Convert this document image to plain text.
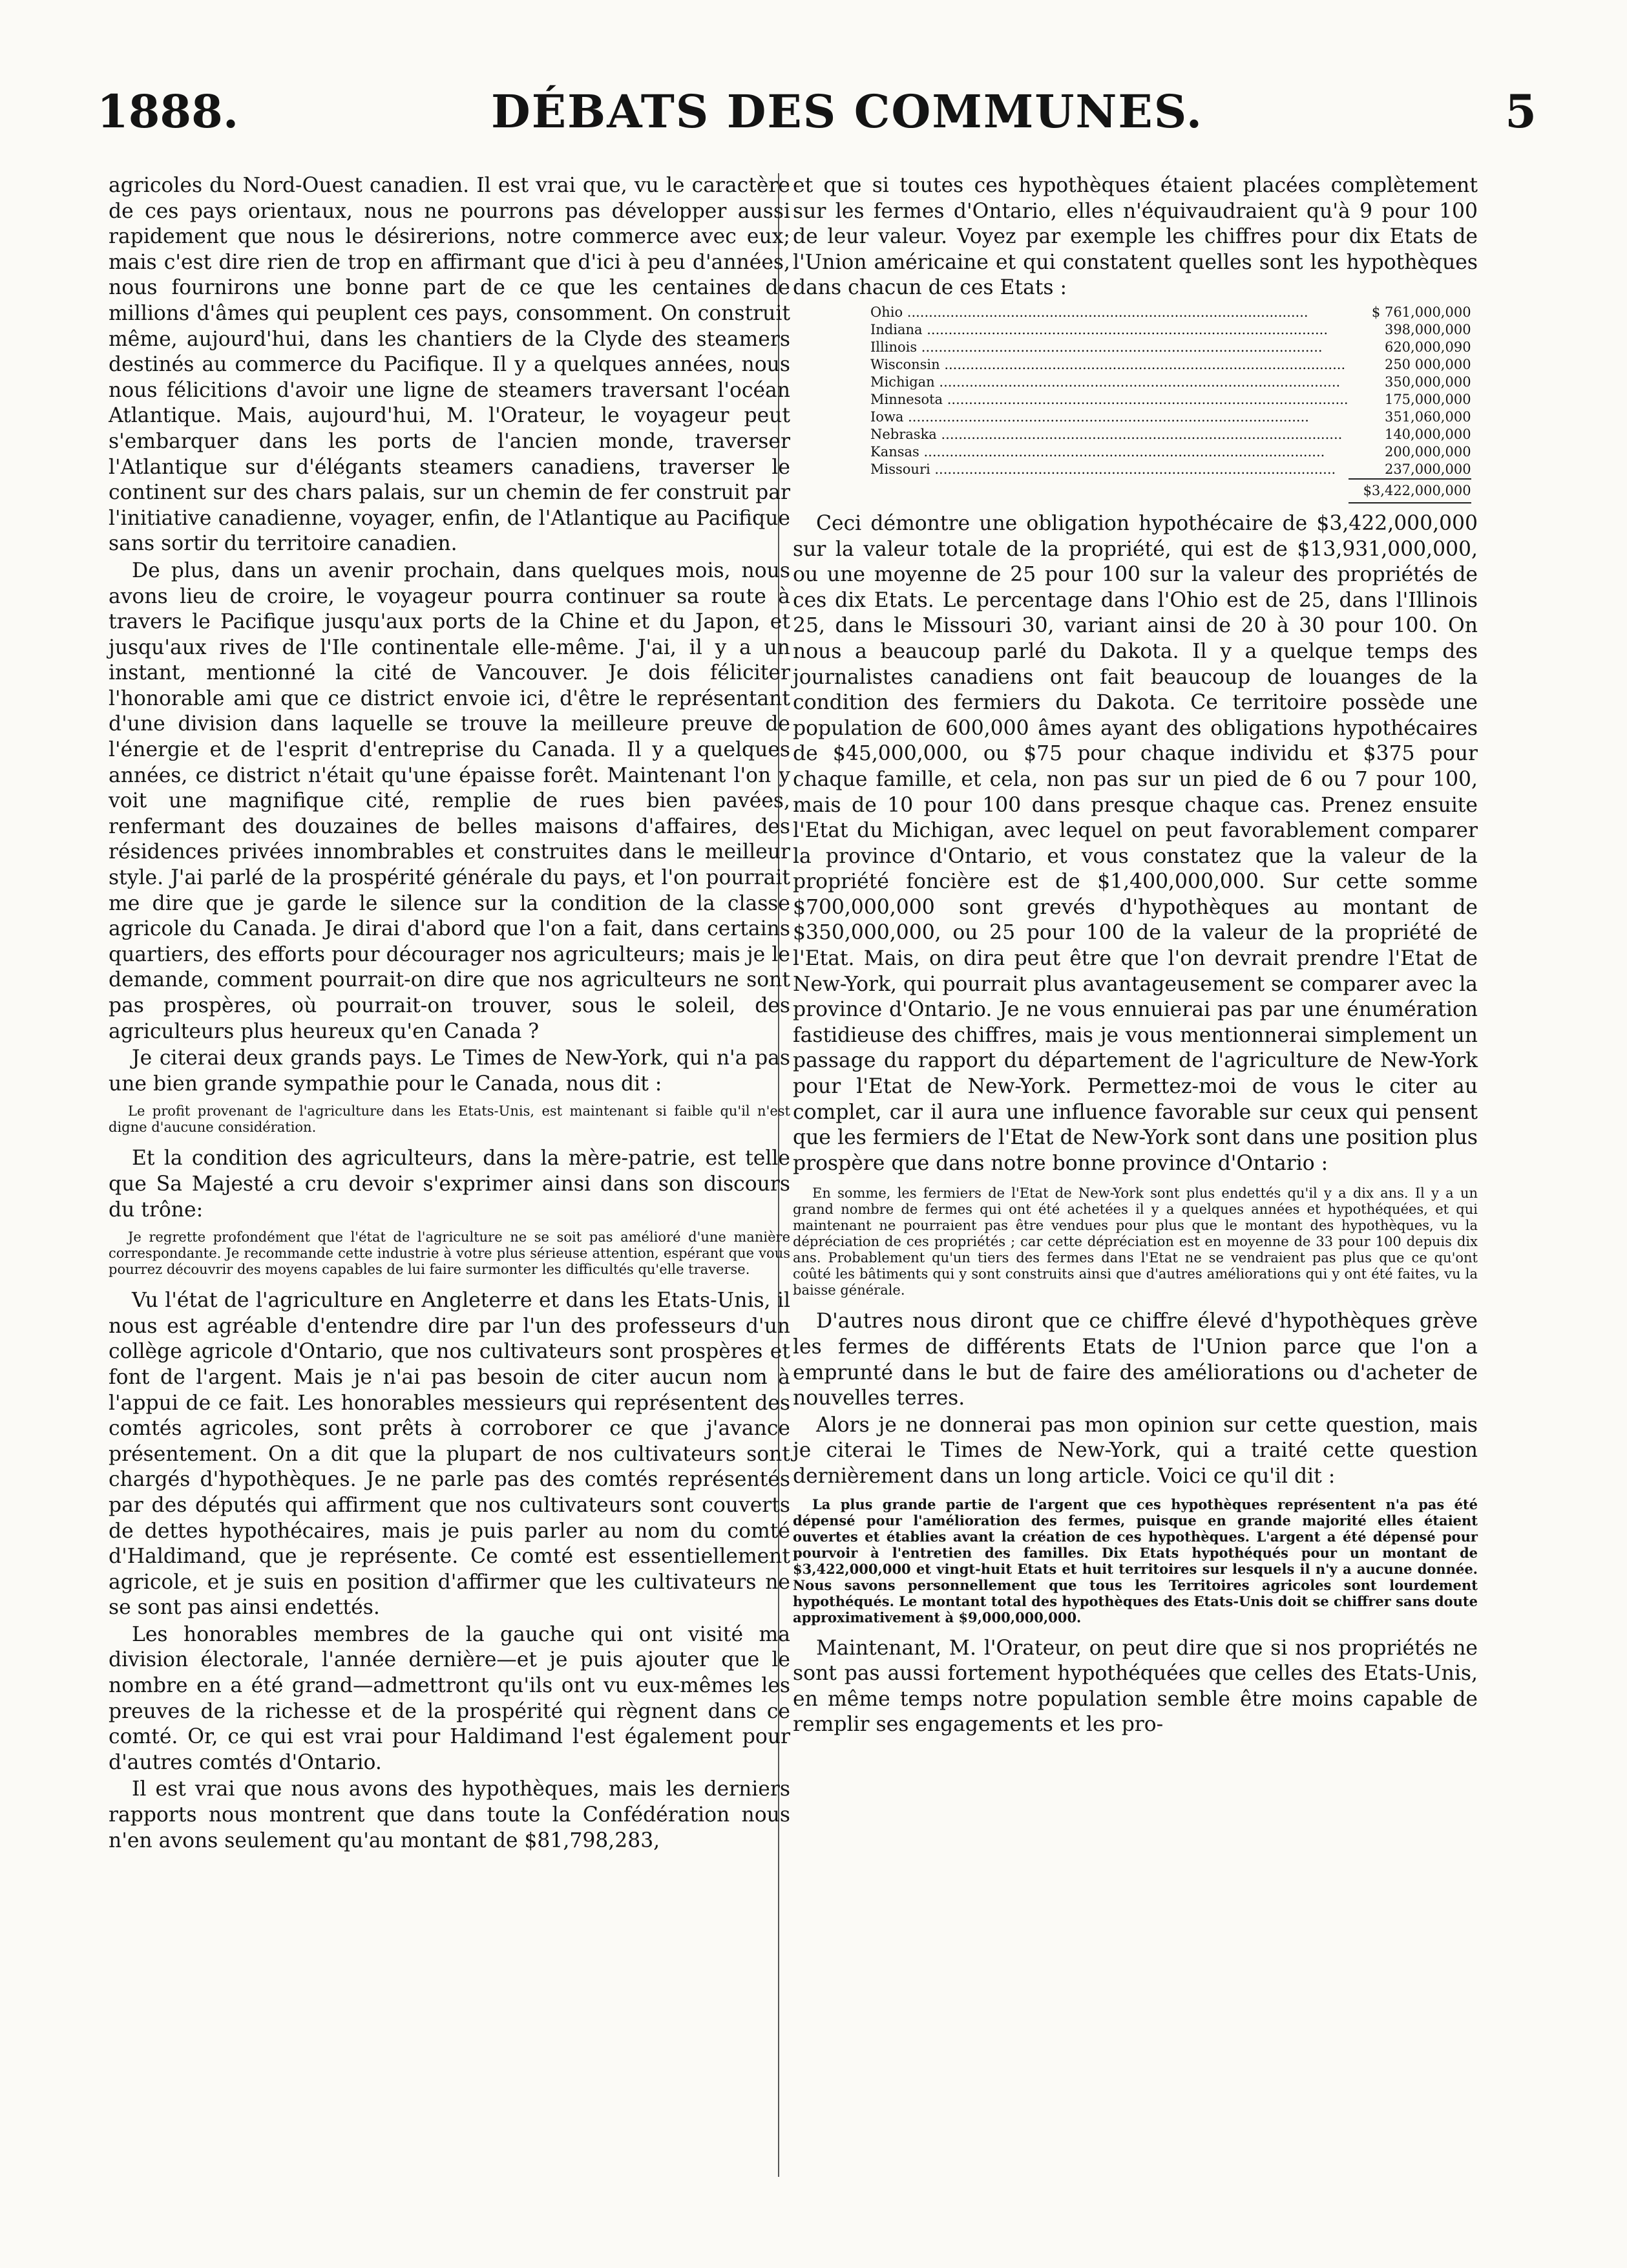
1888.	DÉBATS DES COMMUNES.	5

agricoles du Nord-Ouest canadien. Il est vrai que, vu le caractère de ces pays orientaux, nous ne pourrons pas développer aussi rapidement que nous le désirerions, notre commerce avec eux; mais c'est dire rien de trop en affirmant que d'ici à peu d'années, nous fournirons une bonne part de ce que les centaines de millions d'âmes qui peuplent ces pays, consomment. On construit même, aujourd'hui, dans les chantiers de la Clyde des steamers destinés au commerce du Pacifique. Il y a quelques années, nous nous félicitions d'avoir une ligne de steamers traversant l'océan Atlantique. Mais, aujourd'hui, M. l'Orateur, le voyageur peut s'embarquer dans les ports de l'ancien monde, traverser l'Atlantique sur d'élégants steamers canadiens, traverser le continent sur des chars palais, sur un chemin de fer construit par l'initiative canadienne, voyager, enfin, de l'Atlantique au Pacifique sans sortir du territoire canadien.

De plus, dans un avenir prochain, dans quelques mois, nous avons lieu de croire, le voyageur pourra continuer sa route à travers le Pacifique jusqu'aux ports de la Chine et du Japon, et jusqu'aux rives de l'Ile continentale elle-même. J'ai, il y a un instant, mentionné la cité de Vancouver. Je dois féliciter l'honorable ami que ce district envoie ici, d'être le représentant d'une division dans laquelle se trouve la meilleure preuve de l'énergie et de l'esprit d'entreprise du Canada. Il y a quelques années, ce district n'était qu'une épaisse forêt. Maintenant l'on y voit une magnifique cité, remplie de rues bien pavées, renfermant des douzaines de belles maisons d'affaires, des résidences privées innombrables et construites dans le meilleur style. J'ai parlé de la prospérité générale du pays, et l'on pourrait me dire que je garde le silence sur la condition de la classe agricole du Canada. Je dirai d'abord que l'on a fait, dans certains quartiers, des efforts pour décourager nos agriculteurs; mais je le demande, comment pourrait-on dire que nos agriculteurs ne sont pas prospères, où pourrait-on trouver, sous le soleil, des agriculteurs plus heureux qu'en Canada ?

Je citerai deux grands pays. Le Times de New-York, qui n'a pas une bien grande sympathie pour le Canada, nous dit :

Le profit provenant de l'agriculture dans les Etats-Unis, est maintenant si faible qu'il n'est digne d'aucune considération.

Et la condition des agriculteurs, dans la mère-patrie, est telle que Sa Majesté a cru devoir s'exprimer ainsi dans son discours du trône:

Je regrette profondément que l'état de l'agriculture ne se soit pas amélioré d'une manière correspondante. Je recommande cette industrie à votre plus sérieuse attention, espérant que vous pourrez découvrir des moyens capables de lui faire surmonter les difficultés qu'elle traverse.

Vu l'état de l'agriculture en Angleterre et dans les Etats-Unis, il nous est agréable d'entendre dire par l'un des professeurs d'un collège agricole d'Ontario, que nos cultivateurs sont prospères et font de l'argent. Mais je n'ai pas besoin de citer aucun nom à l'appui de ce fait. Les honorables messieurs qui représentent des comtés agricoles, sont prêts à corroborer ce que j'avance présentement. On a dit que la plupart de nos cultivateurs sont chargés d'hypothèques. Je ne parle pas des comtés représentés par des députés qui affirment que nos cultivateurs sont couverts de dettes hypothécaires, mais je puis parler au nom du comté d'Haldimand, que je représente. Ce comté est essentiellement agricole, et je suis en position d'affirmer que les cultivateurs ne se sont pas ainsi endettés.

Les honorables membres de la gauche qui ont visité ma division électorale, l'année dernière—et je puis ajouter que le nombre en a été grand—admettront qu'ils ont vu eux-mêmes les preuves de la richesse et de la prospérité qui règnent dans ce comté. Or, ce qui est vrai pour Haldimand l'est également pour d'autres comtés d'Ontario.

Il est vrai que nous avons des hypothèques, mais les derniers rapports nous montrent que dans toute la Confédération nous n'en avons seulement qu'au montant de $81,798,283,

et que si toutes ces hypothèques étaient placées complètement sur les fermes d'Ontario, elles n'équivaudraient qu'à 9 pour 100 de leur valeur. Voyez par exemple les chiffres pour dix Etats de l'Union américaine et qui constatent quelles sont les hypothèques dans chacun de ces Etats :

Ohio .....	$ 761,000,000
Indiana .....	398,000,000
Illinois .....	620,000,090
Wisconsin .....	250 000,000
Michigan .....	350,000,000
Minnesota .....	175,000,000
Iowa .....	351,060,000
Nebraska .....	140,000,000
Kansas .....	200,000,000
Missouri .....	237,000,000
	$3,422,000,000

Ceci démontre une obligation hypothécaire de $3,422,000,000 sur la valeur totale de la propriété, qui est de $13,931,000,000, ou une moyenne de 25 pour 100 sur la valeur des propriétés de ces dix Etats. Le percentage dans l'Ohio est de 25, dans l'Illinois 25, dans le Missouri 30, variant ainsi de 20 à 30 pour 100. On nous a beaucoup parlé du Dakota. Il y a quelque temps des journalistes canadiens ont fait beaucoup de louanges de la condition des fermiers du Dakota. Ce territoire possède une population de 600,000 âmes ayant des obligations hypothécaires de $45,000,000, ou $75 pour chaque individu et $375 pour chaque famille, et cela, non pas sur un pied de 6 ou 7 pour 100, mais de 10 pour 100 dans presque chaque cas. Prenez ensuite l'Etat du Michigan, avec lequel on peut favorablement comparer la province d'Ontario, et vous constatez que la valeur de la propriété foncière est de $1,400,000,000. Sur cette somme $700,000,000 sont grevés d'hypothèques au montant de $350,000,000, ou 25 pour 100 de la valeur de la propriété de l'Etat. Mais, on dira peut être que l'on devrait prendre l'Etat de New-York, qui pourrait plus avantageusement se comparer avec la province d'Ontario. Je ne vous ennuierai pas par une énumération fastidieuse des chiffres, mais je vous mentionnerai simplement un passage du rapport du département de l'agriculture de New-York pour l'Etat de New-York. Permettez-moi de vous le citer au complet, car il aura une influence favorable sur ceux qui pensent que les fermiers de l'Etat de New-York sont dans une position plus prospère que dans notre bonne province d'Ontario :

En somme, les fermiers de l'Etat de New-York sont plus endettés qu'il y a dix ans. Il y a un grand nombre de fermes qui ont été achetées il y a quelques années et hypothéquées, et qui maintenant ne pourraient pas être vendues pour plus que le montant des hypothèques, vu la dépréciation de ces propriétés ; car cette dépréciation est en moyenne de 33 pour 100 depuis dix ans. Probablement qu'un tiers des fermes dans l'Etat ne se vendraient pas plus que ce qu'ont coûté les bâtiments qui y sont construits ainsi que d'autres améliorations qui y ont été faites, vu la baisse générale.

D'autres nous diront que ce chiffre élevé d'hypothèques grève les fermes de différents Etats de l'Union parce que l'on a emprunté dans le but de faire des améliorations ou d'acheter de nouvelles terres.

Alors je ne donnerai pas mon opinion sur cette question, mais je citerai le Times de New-York, qui a traité cette question dernièrement dans un long article. Voici ce qu'il dit :

La plus grande partie de l'argent que ces hypothèques représentent n'a pas été dépensé pour l'amélioration des fermes, puisque en grande majorité elles étaient ouvertes et établies avant la création de ces hypothèques. L'argent a été dépensé pour pourvoir à l'entretien des familles. Dix Etats hypothéqués pour un montant de $3,422,000,000 et vingt-huit Etats et huit territoires sur lesquels il n'y a aucune donnée. Nous savons personnellement que tous les Territoires agricoles sont lourdement hypothéqués. Le montant total des hypothèques des Etats-Unis doit se chiffrer sans doute approximativement à $9,000,000,000.

Maintenant, M. l'Orateur, on peut dire que si nos propriétés ne sont pas aussi fortement hypothéquées que celles des Etats-Unis, en même temps notre population semble être moins capable de remplir ses engagements et les pro-
